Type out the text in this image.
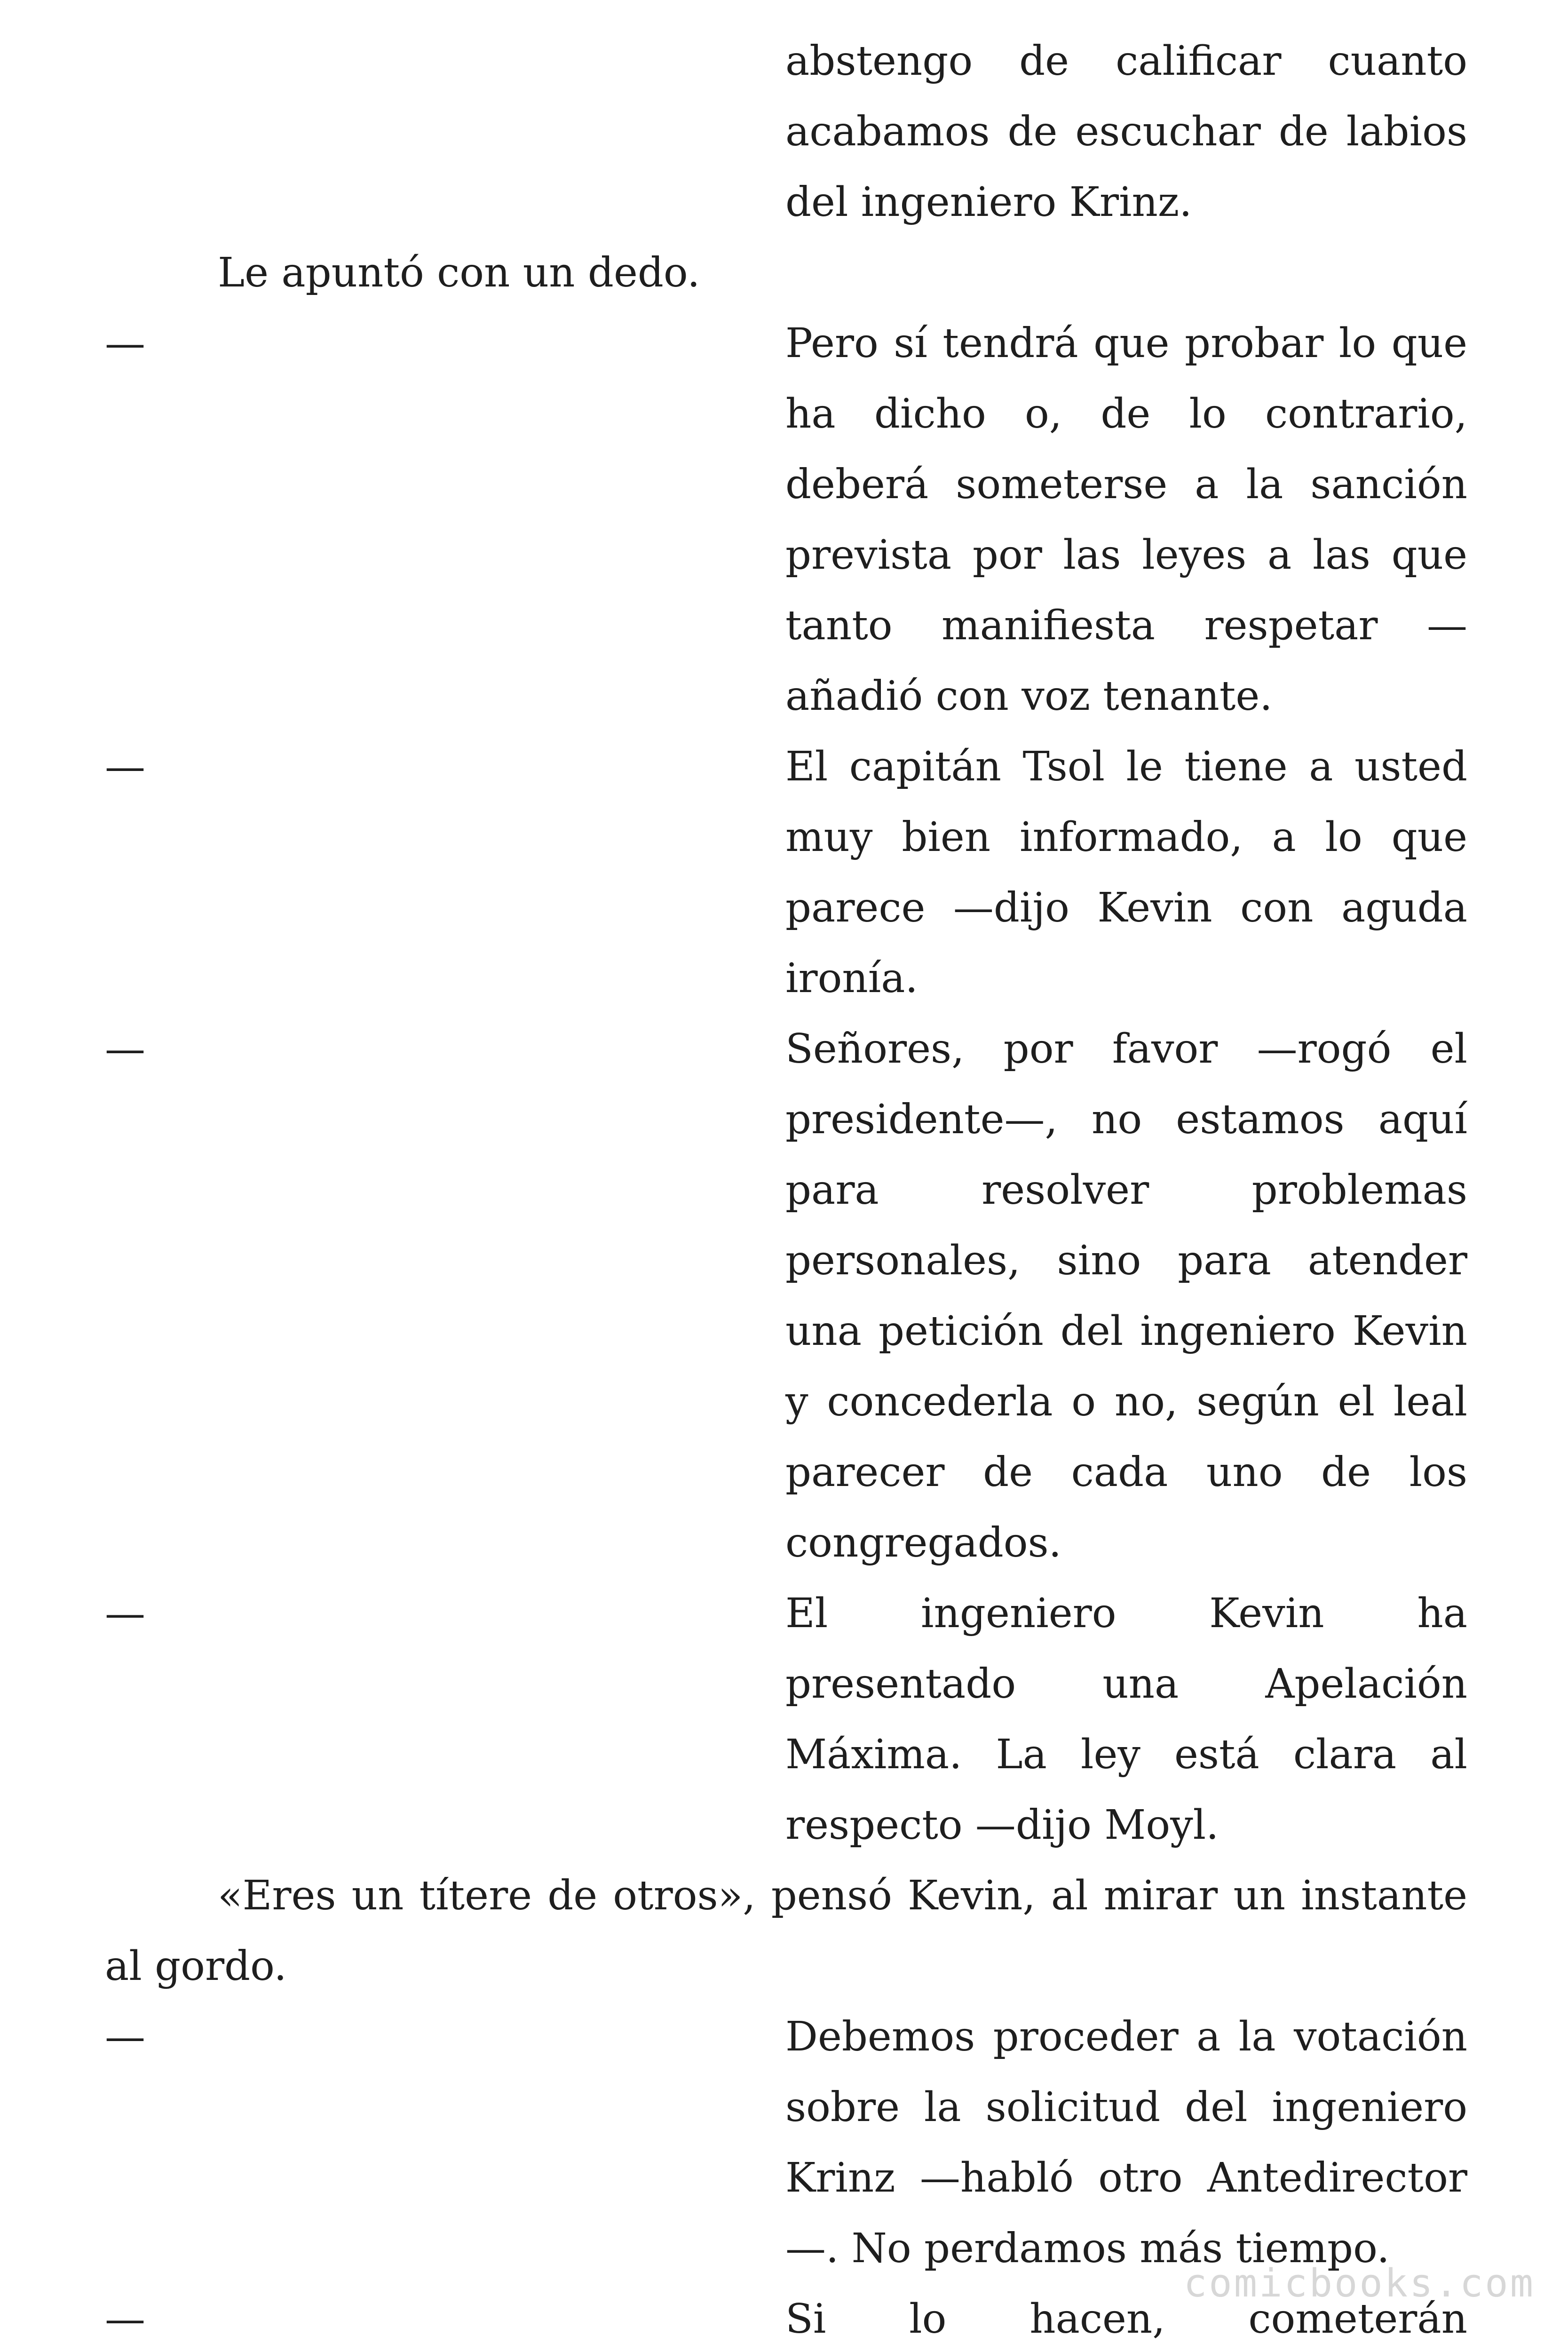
abstengo de calificar cuanto acabamos de escuchar de labios del ingeniero Krinz.

Le apuntó con un dedo.

—	Pero sí tendrá que probar lo que ha dicho o, de lo contrario, deberá someterse a la sanción prevista por las leyes a las que tanto manifiesta respetar —añadió con voz tenante.

—	El capitán Tsol le tiene a usted muy bien informado, a lo que parece —dijo Kevin con aguda ironía.

—	Señores, por favor —rogó el presidente—, no estamos aquí para resolver problemas personales, sino para atender una petición del ingeniero Kevin y concederla o no, según el leal parecer de cada uno de los congregados.

—	El ingeniero Kevin ha presentado una Apelación Máxima. La ley está clara al respecto —dijo Moyl.

«Eres un títere de otros», pensó Kevin, al mirar un instante al gordo.

—	Debemos proceder a la votación sobre la solicitud del ingeniero Krinz —habló otro Antedirector—. No perdamos más tiempo.

—	Si lo hacen, cometerán

comicbooks.com
